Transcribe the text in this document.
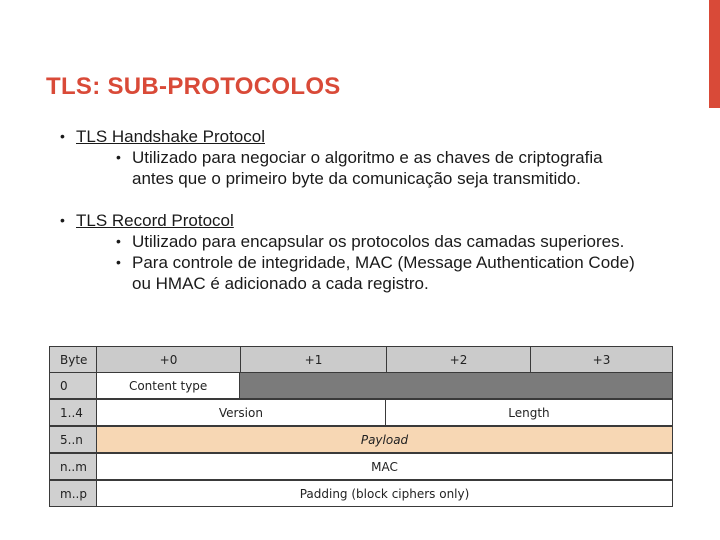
TLS: SUB-PROTOCOLOS
• TLS Handshake Protocol
• Utilizado para negociar o algoritmo e as chaves de criptografia
antes que o primeiro byte da comunicação seja transmitido.
• TLS Record Protocol
• Utilizado para encapsular os protocolos das camadas superiores.
• Para controle de integridade, MAC (Message Authentication Code)
ou HMAC é adicionado a cada registro.
Byte	+0	+1	+2	+3
0	Content type
1..4	Version	Length
5..n	Payload
n..m	MAC
m..p	Padding (block ciphers only)
